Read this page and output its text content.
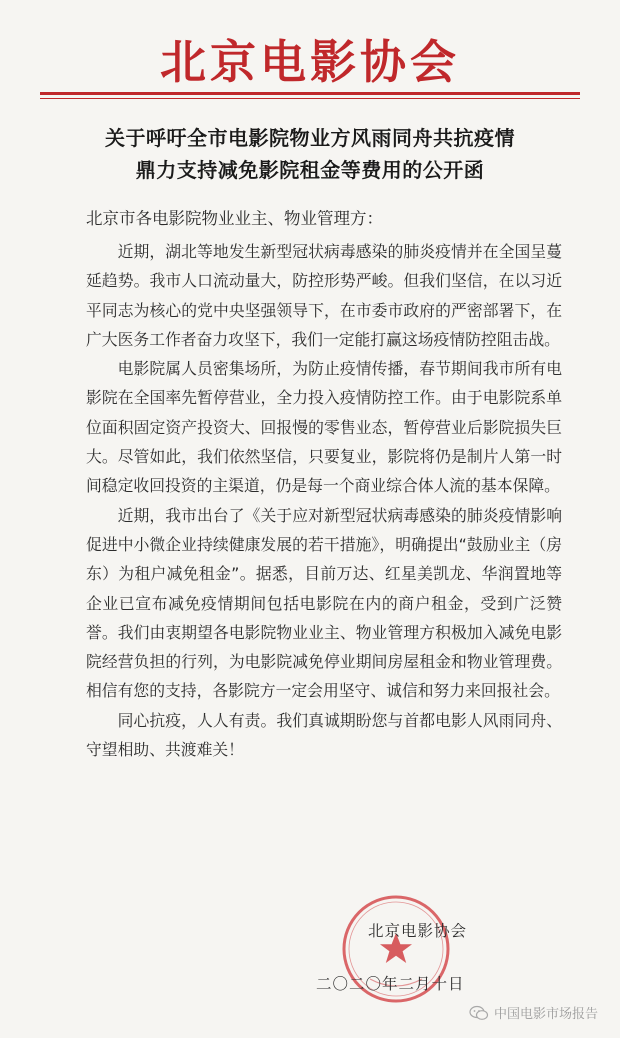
北京电影协会
关于呼吁全市电影院物业方风雨同舟共抗疫情
鼎力支持减免影院租金等费用的公开函
北京市各电影院物业业主、物业管理方：

近期，湖北等地发生新型冠状病毒感染的肺炎疫情并在全国呈蔓延趋势。我市人口流动量大，防控形势严峻。但我们坚信，在以习近平同志为核心的党中央坚强领导下，在市委市政府的严密部署下，在广大医务工作者奋力攻坚下，我们一定能打赢这场疫情防控阻击战。

电影院属人员密集场所，为防止疫情传播，春节期间我市所有电影院在全国率先暂停营业，全力投入疫情防控工作。由于电影院系单位面积固定资产投资大、回报慢的零售业态，暂停营业后影院损失巨大。尽管如此，我们依然坚信，只要复业，影院将仍是制片人第一时间稳定收回投资的主渠道，仍是每一个商业综合体人流的基本保障。

近期，我市出台了《关于应对新型冠状病毒感染的肺炎疫情影响促进中小微企业持续健康发展的若干措施》，明确提出“鼓励业主（房东）为租户减免租金”。据悉，目前万达、红星美凯龙、华润置地等企业已宣布减免疫情期间包括电影院在内的商户租金，受到广泛赞誉。我们由衷期望各电影院物业业主、物业管理方积极加入减免电影院经营负担的行列，为电影院减免停业期间房屋租金和物业管理费。相信有您的支持，各影院方一定会用坚守、诚信和努力来回报社会。

同心抗疫，人人有责。我们真诚期盼您与首都电影人风雨同舟、守望相助、共渡难关！

北京电影协会
二〇二〇年二月十日
中国电影市场报告
